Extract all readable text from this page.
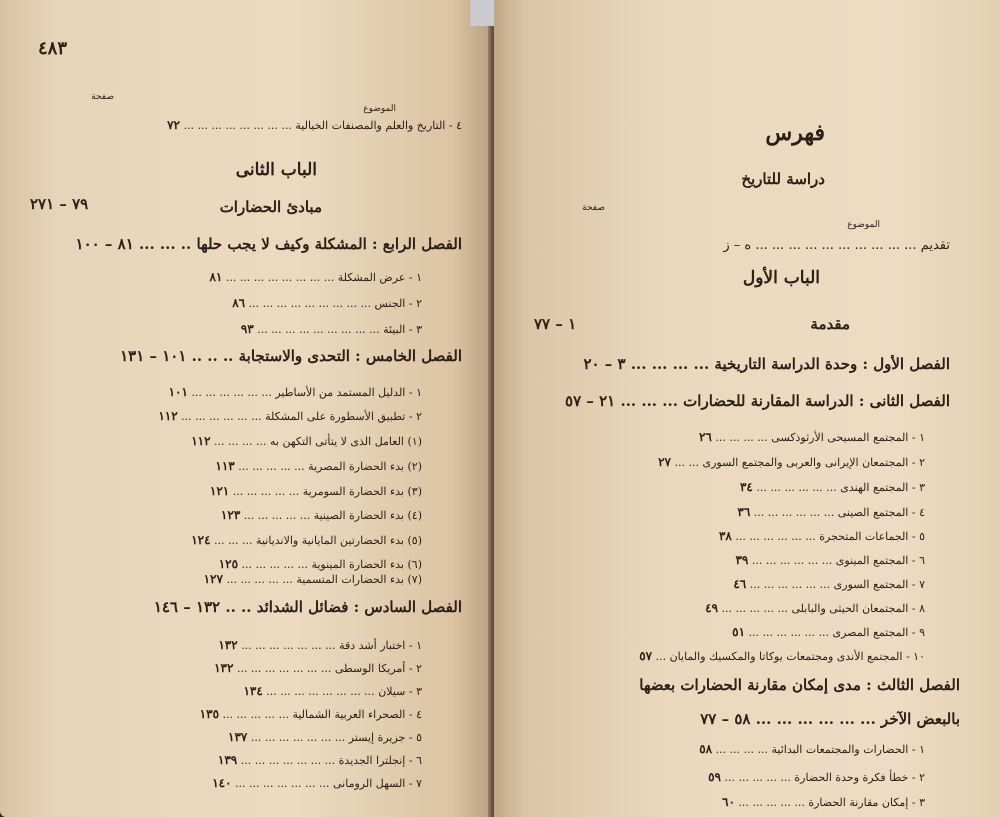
٤٨٣
صفحة
الموضوع
٤ - التاريخ والعلم والمصنفات الخيالية ... ... ... ... ... ... ... ... ٧٢
الباب الثانى
٧٩ – ٢٧١	مبادئ الحضارات
الفصل الرابع : المشكلة وكيف لا يجب حلها .. ... ... ٨١ – ١٠٠
١ - عرض المشكلة ... ... ... ... ... ... ... ... ٨١
٢ - الجنس ... ... ... ... ... ... ... ... ... ٨٦
٣ - البيئة ... ... ... ... ... ... ... ... ... ٩٣
الفصل الخامس : التحدى والاستجابة .. .. .. ١٠١ – ١٣١
١ - الدليل المستمد من الأساطير ... ... ... ... ... ... ١٠١
٢ - تطبيق الأسطورة على المشكلة ... ... ... ... ... ... ١١٢
(١) العامل الذى لا يتأتى التكهن به ... ... ... ... ١١٢
(٢) بدء الحضارة المصرية ... ... ... ... ... ١١٣
(٣) بدء الحضارة السومرية ... ... ... ... ... ١٢١
(٤) بدء الحضارة الصينية ... ... ... ... ... ١٢٣
(٥) بدء الحضارتين المايانية والانديانية ... ... ... ١٢٤
(٦) بدء الحضارة المينوية ... ... ... ... ... ١٢٥
(٧) بدء الحضارات المتسمية ... ... ... ... ... ١٢٧
الفصل السادس : فضائل الشدائد .. .. ١٣٢ – ١٤٦
١ - اختبار أشد دقة ... ... ... ... ... ... ... ١٣٢
٢ - أمريكا الوسطى ... ... ... ... ... ... ... ١٣٢
٣ - سيلان ... ... ... ... ... ... ... ... ١٣٤
٤ - الصحراء العربية الشمالية ... ... ... ... ... ١٣٥
٥ - جزيرة إيستر ... ... ... ... ... ... ... ١٣٧
٦ - إنجلترا الجديدة ... ... ... ... ... ... ... ١٣٩
٧ - السهل الرومانى ... ... ... ... ... ... ... ١٤٠
فهرس
دراسة للتاريخ
صفحة
الموضوع
تقديم ... ... ... ... ... ... ... ... ... ... ه – ز
الباب الأول
مقدمة
١ – ٧٧
الفصل الأول : وحدة الدراسة التاريخية ... ... ... ... ٣ – ٢٠
الفصل الثانى : الدراسة المقارنة للحضارات ... ... ... ٢١ – ٥٧
١ - المجتمع المسيحى الأرثوذكسى ... ... ... ... ٢٦
٢ - المجتمعان الإيرانى والعربى والمجتمع السورى ... ... ٢٧
٣ - المجتمع الهندى ... ... ... ... ... ... ٣٤
٤ - المجتمع الصينى ... ... ... ... ... ... ٣٦
٥ - الجماعات المتحجرة ... ... ... ... ... ... ٣٨
٦ - المجتمع المينوى ... ... ... ... ... ... ٣٩
٧ - المجتمع السورى ... ... ... ... ... ... ٤٦
٨ - المجتمعان الحيثى والبابلى ... ... ... ... ... ٤٩
٩ - المجتمع المصرى ... ... ... ... ... ... ٥١
١٠ - المجتمع الأندى ومجتمعات يوكاتا والمكسيك والمايان ... ٥٧
الفصل الثالث : مدى إمكان مقارنة الحضارات بعضها
بالبعض الآخر ... ... ... ... ... ... ٥٨ – ٧٧
١ - الحضارات والمجتمعات البدائية ... ... ... ... ٥٨
٢ - خطأ فكرة وحدة الحضارة ... ... ... ... ... ٥٩
٣ - إمكان مقارنة الحضارة ... ... ... ... ... ٦٠
